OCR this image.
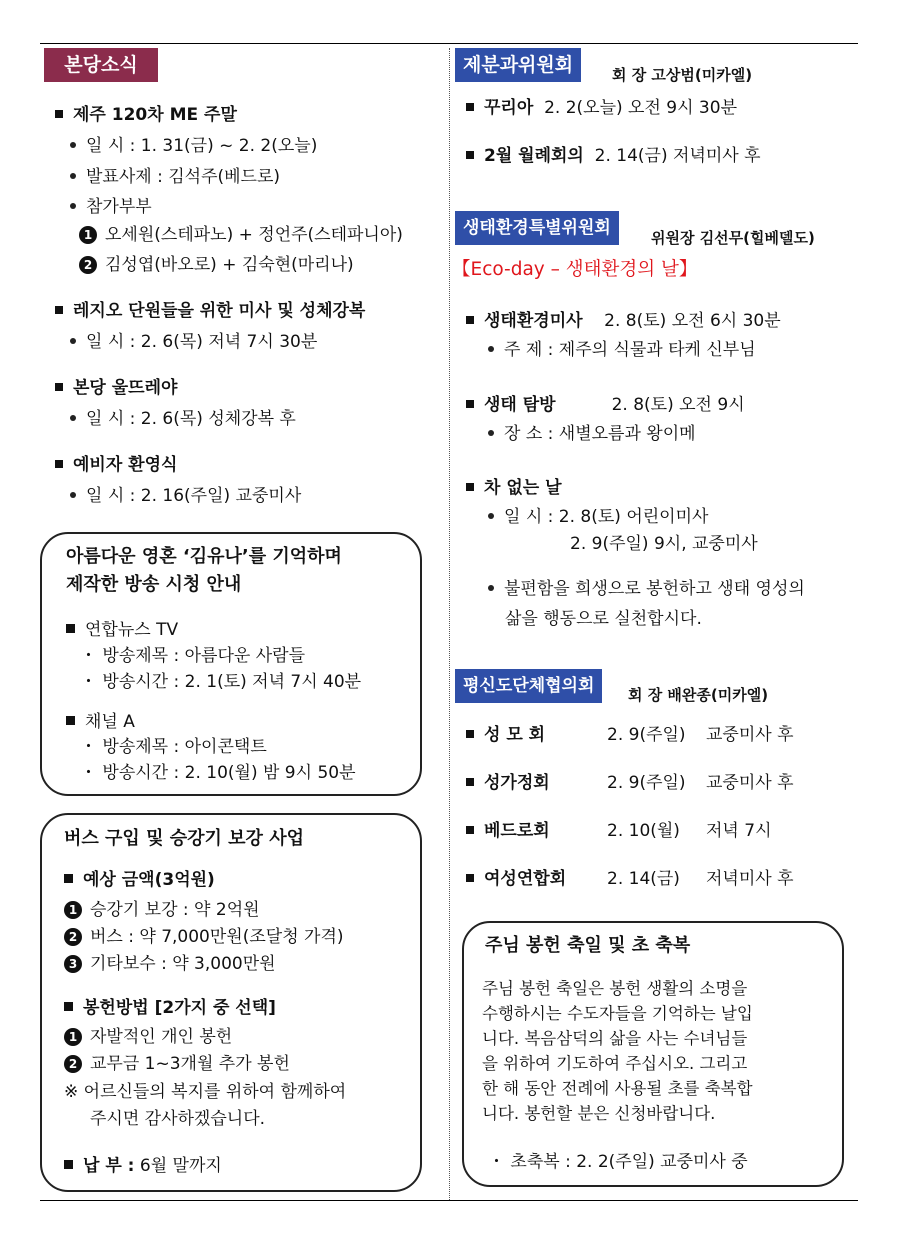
본당소식
제주 120차 ME 주말
일 시 : 1. 31(금) ~ 2. 2(오늘)
발표사제 : 김석주(베드로)
참가부부
1 오세원(스테파노) + 정언주(스테파니아)
2 김성엽(바오로) + 김숙현(마리나)
레지오 단원들을 위한 미사 및 성체강복
일 시 : 2. 6(목) 저녁 7시 30분
본당 울뜨레야
일 시 : 2. 6(목) 성체강복 후
예비자 환영식
일 시 : 2. 16(주일) 교중미사
아름다운 영혼 ‘김유나’를 기억하며
제작한 방송 시청 안내
연합뉴스 TV
・ 방송제목 : 아름다운 사람들
・ 방송시간 : 2. 1(토) 저녁 7시 40분
채널 A
・ 방송제목 : 아이콘택트
・ 방송시간 : 2. 10(월) 밤 9시 50분
버스 구입 및 승강기 보강 사업
예상 금액(3억원)
1 승강기 보강 : 약 2억원
2 버스 : 약 7,000만원(조달청 가격)
3 기타보수 : 약 3,000만원
봉헌방법 [2가지 중 선택]
1 자발적인 개인 봉헌
2 교무금 1~3개월 추가 봉헌
※ 어르신들의 복지를 위하여 함께하여
주시면 감사하겠습니다.
납 부 : 6월 말까지
제분과위원회	회 장 고상범(미카엘)
꾸리아 2. 2(오늘) 오전 9시 30분
2월 월례회의 2. 14(금) 저녁미사 후
생태환경특별위원회	위원장 김선무(힐베델도)
【Eco-day – 생태환경의 날】
생태환경미사 2. 8(토) 오전 6시 30분
주 제 : 제주의 식물과 타케 신부님
생태 탐방	2. 8(토) 오전 9시
장 소 : 새별오름과 왕이메
차 없는 날
일 시 : 2. 8(토) 어린이미사
2. 9(주일) 9시, 교중미사
불편함을 희생으로 봉헌하고 생태 영성의
삶을 행동으로 실천합시다.
평신도단체협의회	회 장 배완종(미카엘)
성 모 회	2. 9(주일) 교중미사 후
성가정회	2. 9(주일) 교중미사 후
베드로회	2. 10(월) 저녁 7시
여성연합회 2. 14(금) 저녁미사 후
주님 봉헌 축일 및 초 축복
주님 봉헌 축일은 봉헌 생활의 소명을
수행하시는 수도자들을 기억하는 날입
니다. 복음삼덕의 삶을 사는 수녀님들
을 위하여 기도하여 주십시오. 그리고
한 해 동안 전례에 사용될 초를 축복합
니다. 봉헌할 분은 신청바랍니다.
・ 초축복 : 2. 2(주일) 교중미사 중
